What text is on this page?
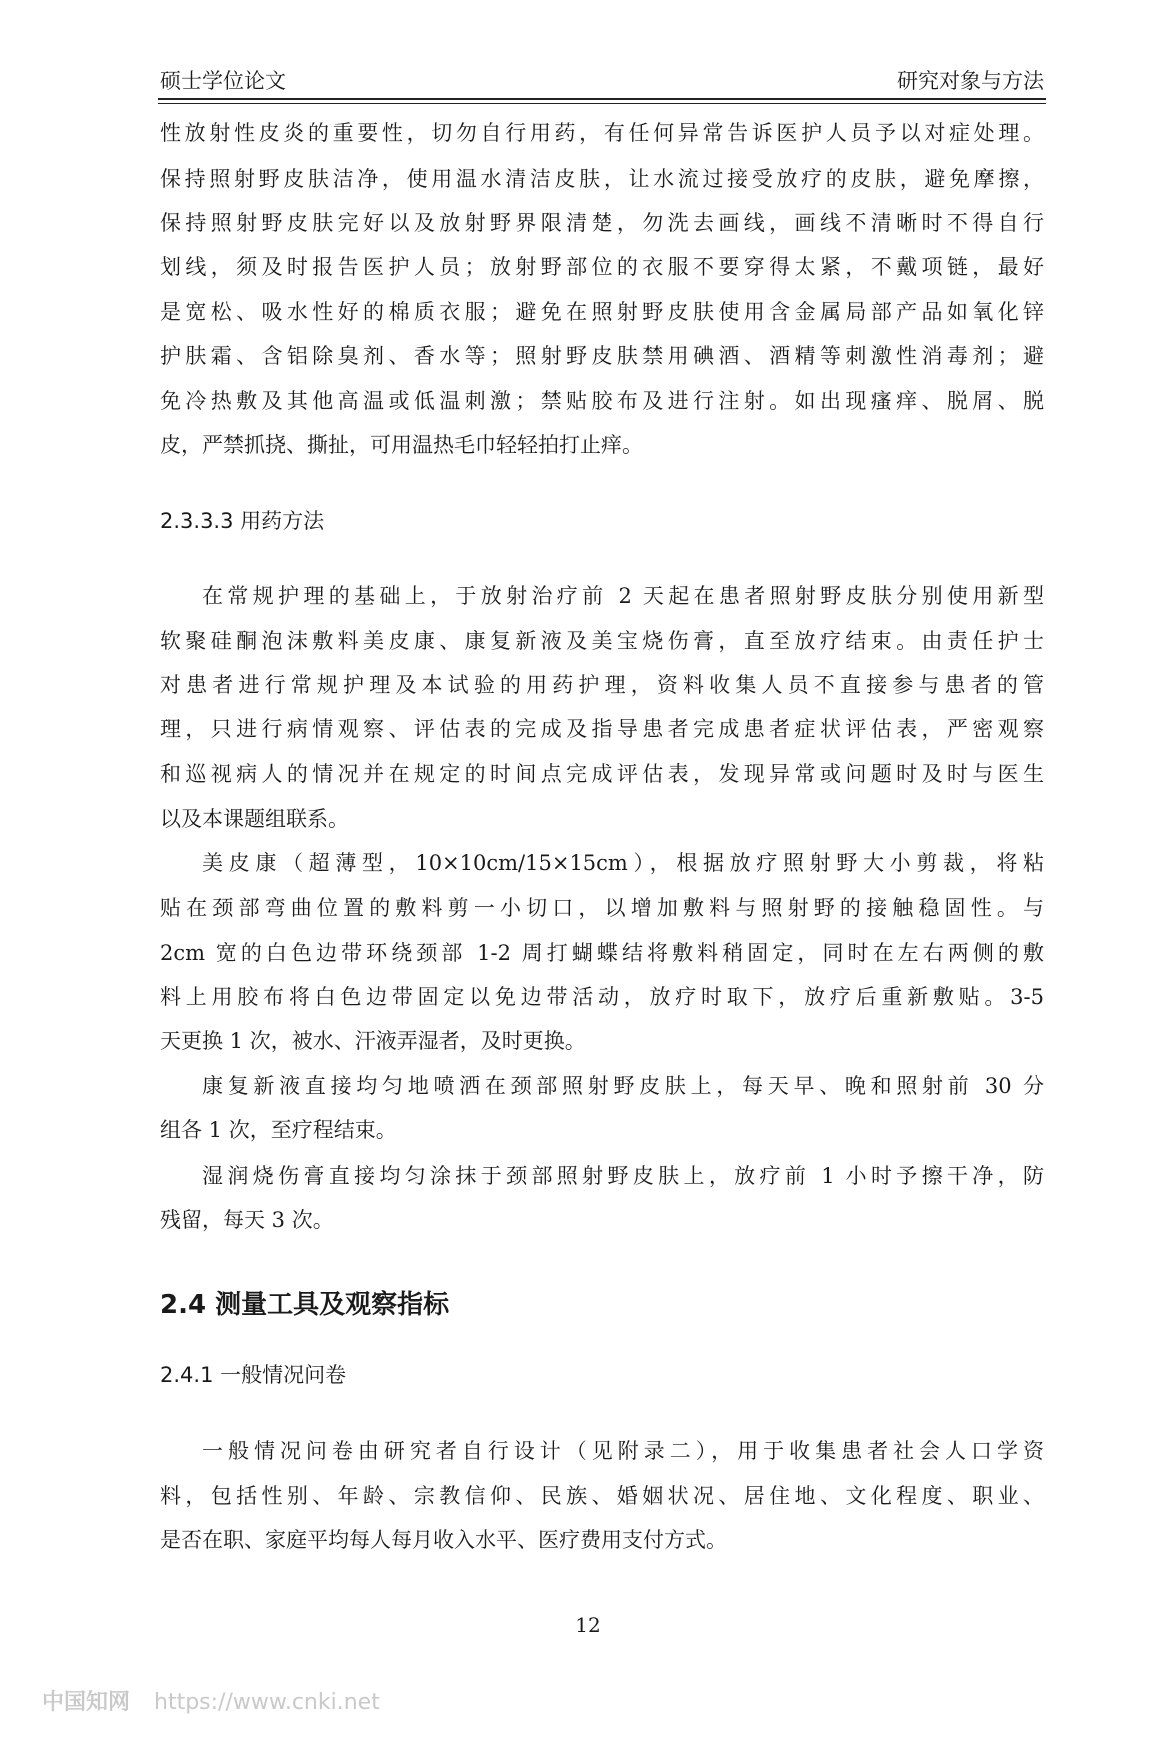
硕士学位论文	研究对象与方法
性放射性皮炎的重要性，切勿自行用药，有任何异常告诉医护人员予以对症处理。
保持照射野皮肤洁净，使用温水清洁皮肤，让水流过接受放疗的皮肤，避免摩擦，
保持照射野皮肤完好以及放射野界限清楚，勿洗去画线，画线不清晰时不得自行
划线，须及时报告医护人员；放射野部位的衣服不要穿得太紧，不戴项链，最好
是宽松、吸水性好的棉质衣服；避免在照射野皮肤使用含金属局部产品如氧化锌
护肤霜、含铝除臭剂、香水等；照射野皮肤禁用碘酒、酒精等刺激性消毒剂；避
免冷热敷及其他高温或低温刺激；禁贴胶布及进行注射。如出现瘙痒、脱屑、脱
皮，严禁抓挠、撕扯，可用温热毛巾轻轻拍打止痒。
2.3.3.3 用药方法
在常规护理的基础上，于放射治疗前 2 天起在患者照射野皮肤分别使用新型
软聚硅酮泡沫敷料美皮康、康复新液及美宝烧伤膏，直至放疗结束。由责任护士
对患者进行常规护理及本试验的用药护理，资料收集人员不直接参与患者的管
理，只进行病情观察、评估表的完成及指导患者完成患者症状评估表，严密观察
和巡视病人的情况并在规定的时间点完成评估表，发现异常或问题时及时与医生
以及本课题组联系。
美皮康（超薄型，10×10cm/15×15cm），根据放疗照射野大小剪裁，将粘
贴在颈部弯曲位置的敷料剪一小切口，以增加敷料与照射野的接触稳固性。与
2cm 宽的白色边带环绕颈部 1-2 周打蝴蝶结将敷料稍固定，同时在左右两侧的敷
料上用胶布将白色边带固定以免边带活动，放疗时取下，放疗后重新敷贴。3-5
天更换 1 次，被水、汗液弄湿者，及时更换。
康复新液直接均匀地喷洒在颈部照射野皮肤上，每天早、晚和照射前 30 分
组各 1 次，至疗程结束。
湿润烧伤膏直接均匀涂抹于颈部照射野皮肤上，放疗前 1 小时予擦干净，防
残留，每天 3 次。
2.4 测量工具及观察指标
2.4.1 一般情况问卷
一般情况问卷由研究者自行设计（见附录二），用于收集患者社会人口学资
料，包括性别、年龄、宗教信仰、民族、婚姻状况、居住地、文化程度、职业、
是否在职、家庭平均每人每月收入水平、医疗费用支付方式。
12
中国知网 https://www.cnki.net
